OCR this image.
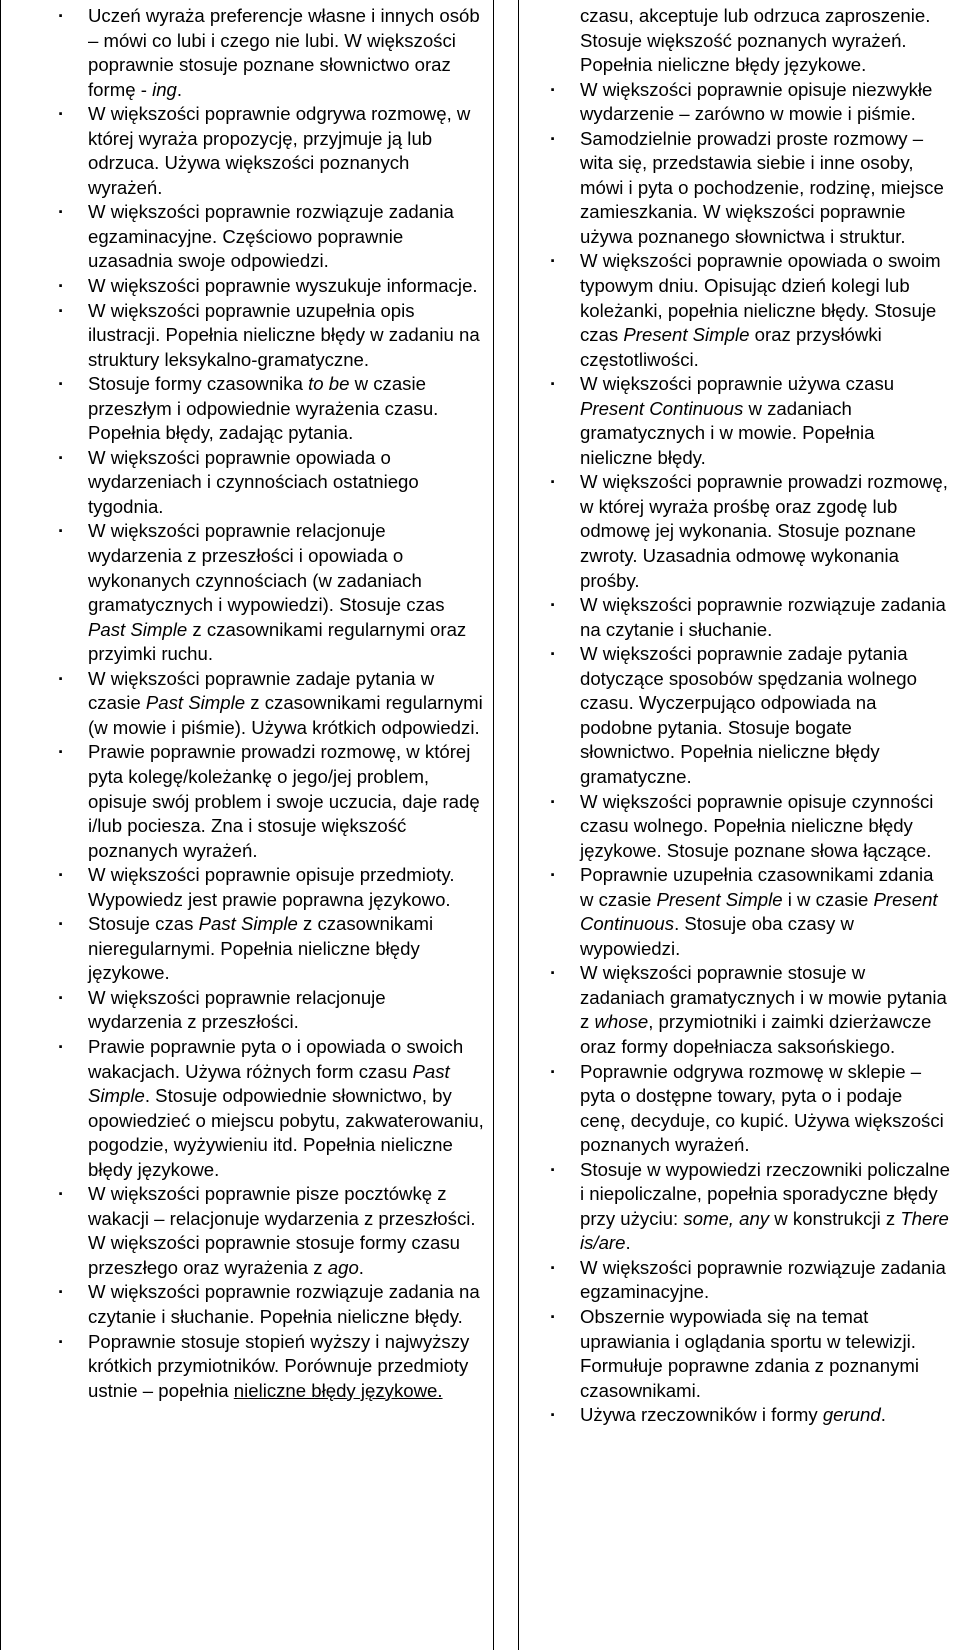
· Uczeń wyraża preferencje własne i innych osób – mówi co lubi i czego nie lubi. W większości poprawnie stosuje poznane słownictwo oraz formę - ing.
· W większości poprawnie odgrywa rozmowę, w której wyraża propozycję, przyjmuje ją lub odrzuca. Używa większości poznanych wyrażeń.
· W większości poprawnie rozwiązuje zadania egzaminacyjne. Częściowo poprawnie uzasadnia swoje odpowiedzi.
· W większości poprawnie wyszukuje informacje.
· W większości poprawnie uzupełnia opis ilustracji. Popełnia nieliczne błędy w zadaniu na struktury leksykalno-gramatyczne.
· Stosuje formy czasownika to be w czasie przeszłym i odpowiednie wyrażenia czasu. Popełnia błędy, zadając pytania.
· W większości poprawnie opowiada o wydarzeniach i czynnościach ostatniego tygodnia.
· W większości poprawnie relacjonuje wydarzenia z przeszłości i opowiada o wykonanych czynnościach (w zadaniach gramatycznych i wypowiedzi). Stosuje czas Past Simple z czasownikami regularnymi oraz przyimki ruchu.
· W większości poprawnie zadaje pytania w czasie Past Simple z czasownikami regularnymi (w mowie i piśmie). Używa krótkich odpowiedzi.
· Prawie poprawnie prowadzi rozmowę, w której pyta kolegę/koleżankę o jego/jej problem, opisuje swój problem i swoje uczucia, daje radę i/lub pocieszа. Zna i stosuje większość poznanych wyrażeń.
· W większości poprawnie opisuje przedmioty. Wypowiedz jest prawie poprawna językowo.
· Stosuje czas Past Simple z czasownikami nieregularnymi. Popełnia nieliczne błędy językowe.
· W większości poprawnie relacjonuje wydarzenia z przeszłości.
· Prawie poprawnie pyta o i opowiada o swoich wakacjach. Używa różnych form czasu Past Simple. Stosuje odpowiednie słownictwo, by opowiedzieć o miejscu pobytu, zakwaterowaniu, pogodzie, wyżywieniu itd. Popełnia nieliczne błędy językowe.
· W większości poprawnie pisze pocztówkę z wakacji – relacjonuje wydarzenia z przeszłości. W większości poprawnie stosuje formy czasu przeszłego oraz wyrażenia z ago.
· W większości poprawnie rozwiązuje zadania na czytanie i słuchanie. Popełnia nieliczne błędy.
· Poprawnie stosuje stopień wyższy i najwyższy krótkich przymiotników. Porównuje przedmioty ustnie – popełnia nieliczne błędy językowe.
czasu, akceptuje lub odrzuca zaproszenie. Stosuje większość poznanych wyrażeń. Popełnia nieliczne błędy językowe.
· W większości poprawnie opisuje niezwykłe wydarzenie – zarówno w mowie i piśmie.
· Samodzielnie prowadzi proste rozmowy – wita się, przedstawia siebie i inne osoby, mówi i pyta o pochodzenie, rodzinę, miejsce zamieszkania. W większości poprawnie używa poznanego słownictwa i struktur.
· W większości poprawnie opowiada o swoim typowym dniu. Opisując dzień kolegi lub koleżanki, popełnia nieliczne błędy. Stosuje czas Present Simple oraz przysłówki częstotliwości.
· W większości poprawnie używa czasu Present Continuous w zadaniach gramatycznych i w mowie. Popełnia nieliczne błędy.
· W większości poprawnie prowadzi rozmowę, w której wyraża prośbę oraz zgodę lub odmowę jej wykonania. Stosuje poznane zwroty. Uzasadnia odmowę wykonania prośby.
· W większości poprawnie rozwiązuje zadania na czytanie i słuchanie.
· W większości poprawnie zadaje pytania dotyczące sposobów spędzania wolnego czasu. Wyczerpująco odpowiada na podobne pytania. Stosuje bogate słownictwo. Popełnia nieliczne błędy gramatyczne.
· W większości poprawnie opisuje czynności czasu wolnego. Popełnia nieliczne błędy językowe. Stosuje poznane słowa łączące.
· Poprawnie uzupełnia czasownikami zdania w czasie Present Simple i w czasie Present Continuous. Stosuje oba czasy w wypowiedzi.
· W większości poprawnie stosuje w zadaniach gramatycznych i w mowie pytania z whose, przymiotniki i zaimki dzierżawcze oraz formy dopełniacza saksońskiego.
· Poprawnie odgrywa rozmowę w sklepie – pyta o dostępne towary, pyta o i podaje cenę, decyduje, co kupić. Używa większości poznanych wyrażeń.
· Stosuje w wypowiedzi rzeczowniki policzalne i niepoliczalne, popełnia sporadyczne błędy przy użyciu: some, any w konstrukcji z There is/are.
· W większości poprawnie rozwiązuje zadania egzaminacyjne.
· Obszernie wypowiada się na temat uprawiania i oglądania sportu w telewizji. Formułuje poprawne zdania z poznanymi czasownikami.
· Używa rzeczowników i formy gerund.
